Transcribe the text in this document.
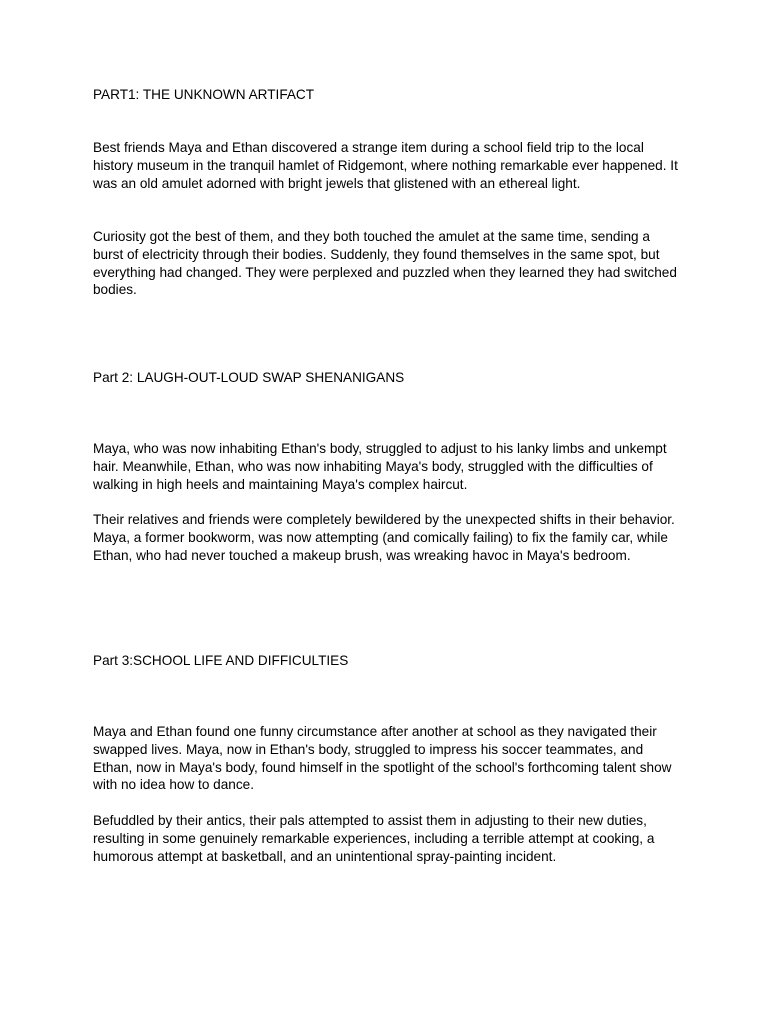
PART1: THE UNKNOWN ARTIFACT

Best friends Maya and Ethan discovered a strange item during a school field trip to the local history museum in the tranquil hamlet of Ridgemont, where nothing remarkable ever happened. It was an old amulet adorned with bright jewels that glistened with an ethereal light.

Curiosity got the best of them, and they both touched the amulet at the same time, sending a burst of electricity through their bodies. Suddenly, they found themselves in the same spot, but everything had changed. They were perplexed and puzzled when they learned they had switched bodies.

Part 2: LAUGH-OUT-LOUD SWAP SHENANIGANS

Maya, who was now inhabiting Ethan's body, struggled to adjust to his lanky limbs and unkempt hair. Meanwhile, Ethan, who was now inhabiting Maya's body, struggled with the difficulties of walking in high heels and maintaining Maya's complex haircut.

Their relatives and friends were completely bewildered by the unexpected shifts in their behavior. Maya, a former bookworm, was now attempting (and comically failing) to fix the family car, while Ethan, who had never touched a makeup brush, was wreaking havoc in Maya's bedroom.

Part 3:SCHOOL LIFE AND DIFFICULTIES

Maya and Ethan found one funny circumstance after another at school as they navigated their swapped lives. Maya, now in Ethan's body, struggled to impress his soccer teammates, and Ethan, now in Maya's body, found himself in the spotlight of the school's forthcoming talent show with no idea how to dance.

Befuddled by their antics, their pals attempted to assist them in adjusting to their new duties, resulting in some genuinely remarkable experiences, including a terrible attempt at cooking, a humorous attempt at basketball, and an unintentional spray-painting incident.
